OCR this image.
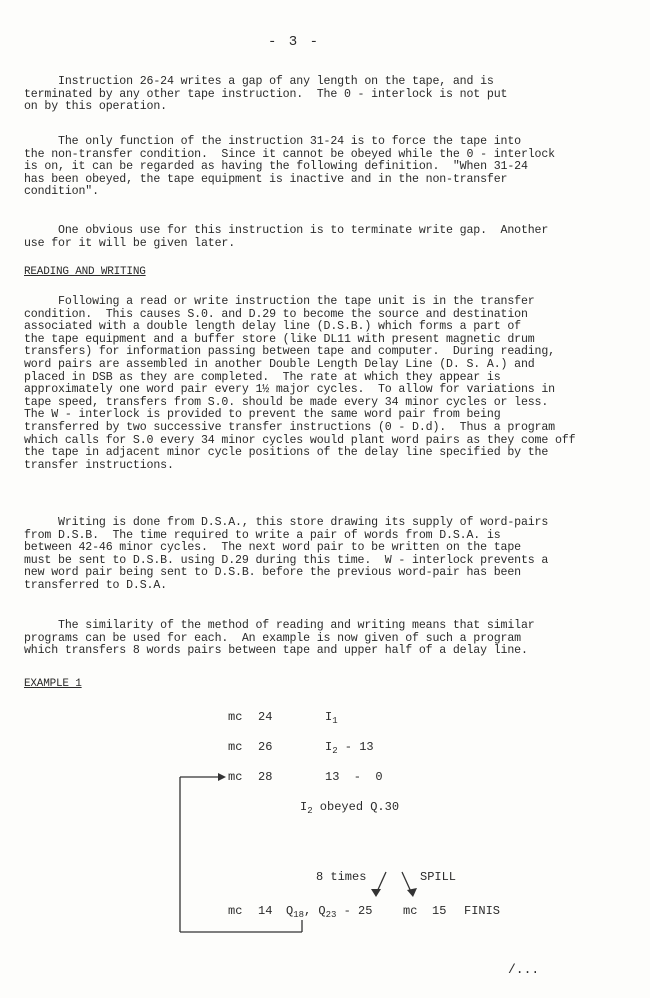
- 3 -

Instruction 26-24 writes a gap of any length on the tape, and is
terminated by any other tape instruction.  The 0 - interlock is not put
on by this operation.

The only function of the instruction 31-24 is to force the tape into
the non-transfer condition.  Since it cannot be obeyed while the 0 - interlock
is on, it can be regarded as having the following definition.  "When 31-24
has been obeyed, the tape equipment is inactive and in the non-transfer
condition".

One obvious use for this instruction is to terminate write gap.  Another
use for it will be given later.

READING AND WRITING

Following a read or write instruction the tape unit is in the transfer
condition.  This causes S.0. and D.29 to become the source and destination
associated with a double length delay line (D.S.B.) which forms a part of
the tape equipment and a buffer store (like DL11 with present magnetic drum
transfers) for information passing between tape and computer.  During reading,
word pairs are assembled in another Double Length Delay Line (D. S. A.) and
placed in DSB as they are completed.  The rate at which they appear is
approximately one word pair every 1½ major cycles.  To allow for variations in
tape speed, transfers from S.0. should be made every 34 minor cycles or less.
The W - interlock is provided to prevent the same word pair from being
transferred by two successive transfer instructions (0 - D.d).  Thus a program
which calls for S.0 every 34 minor cycles would plant word pairs as they come off
the tape in adjacent minor cycle positions of the delay line specified by the
transfer instructions.

Writing is done from D.S.A., this store drawing its supply of word-pairs
from D.S.B.  The time required to write a pair of words from D.S.A. is
between 42-46 minor cycles.  The next word pair to be written on the tape
must be sent to D.S.B. using D.29 during this time.  W - interlock prevents a
new word pair being sent to D.S.B. before the previous word-pair has been
transferred to D.S.A.

The similarity of the method of reading and writing means that similar
programs can be used for each.  An example is now given of such a program
which transfers 8 words pairs between tape and upper half of a delay line.

EXAMPLE 1
mc 24	$I_1$
mc 26	$I_2 - 13$
mc 28	13  -  0
$I_2$ obeyed Q.30
8 times	SPILL
mc 14 $Q_{18}$, $Q_{23} - 25$	mc 15 FINIS
/...
